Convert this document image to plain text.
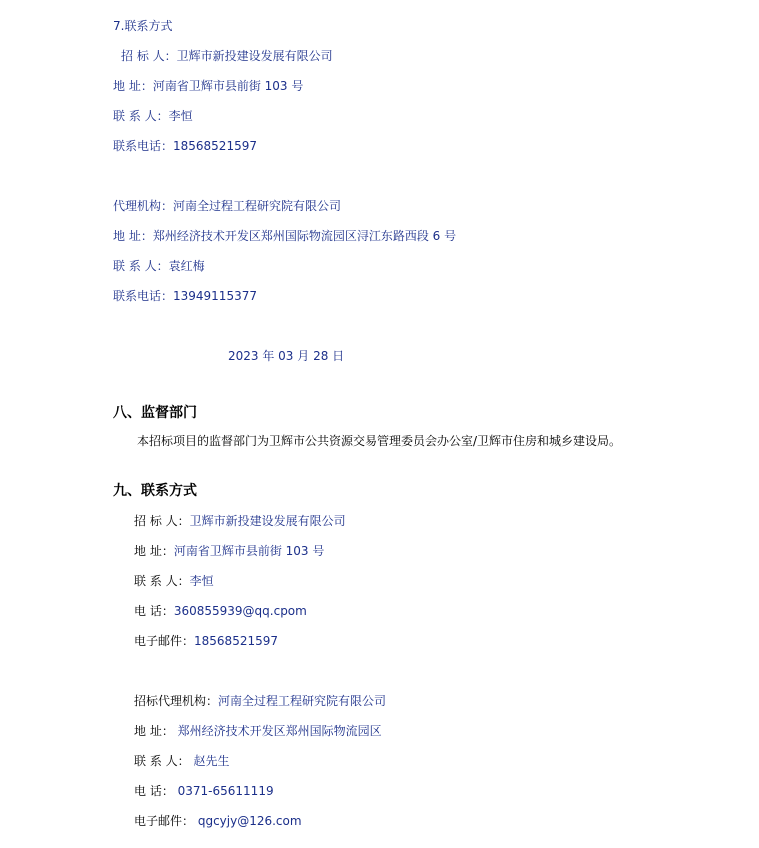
7.联系方式
招 标 人：卫辉市新投建设发展有限公司
地 址：河南省卫辉市县前街 103 号
联 系 人：李恒
联系电话：18568521597
代理机构：河南全过程工程研究院有限公司
地 址：郑州经济技术开发区郑州国际物流园区浔江东路西段 6 号
联 系 人：袁红梅
联系电话：13949115377
2023 年 03 月 28 日
八、监督部门
本招标项目的监督部门为卫辉市公共资源交易管理委员会办公室/卫辉市住房和城乡建设局。
九、联系方式
招 标 人：卫辉市新投建设发展有限公司
地 址：河南省卫辉市县前街 103 号
联 系 人：李恒
电 话：360855939@qq.cpom
电子邮件：18568521597
招标代理机构：河南全过程工程研究院有限公司
地 址： 郑州经济技术开发区郑州国际物流园区
联 系 人： 赵先生
电 话： 0371-65611119
电子邮件： qgcyjy@126.com
